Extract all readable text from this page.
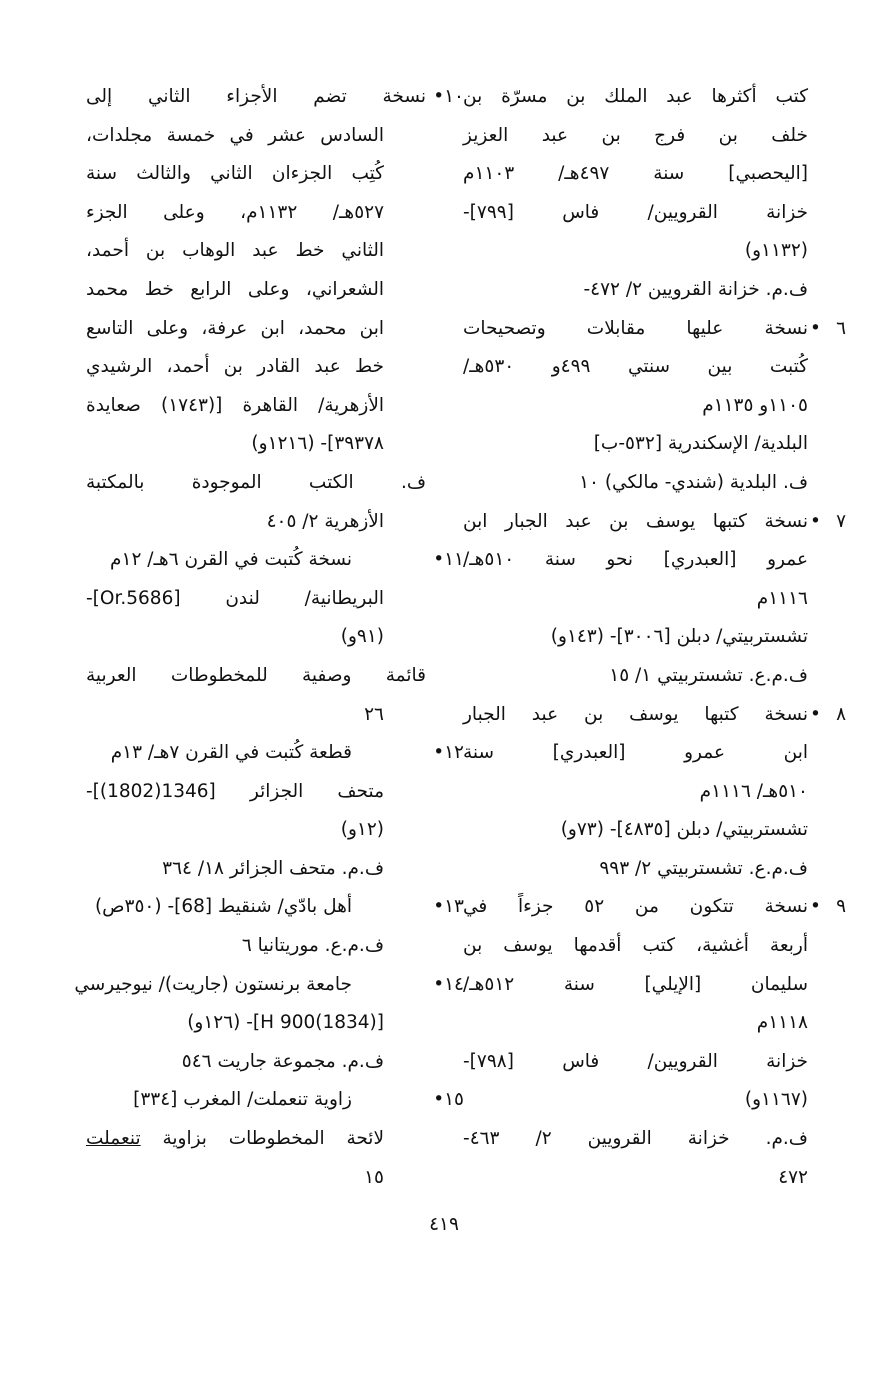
كتب أكثرها عبد الملك بن مسرّة بن
خلف بن فرج بن عبد العزيز
[اليحصبي] سنة ٤٩٧هـ/ ١١٠٣م
خزانة القرويين/ فاس [٧٩٩]-
(١١٣٢و)
ف.م. خزانة القرويين ٢/ ٤٧٢-
٦ •
نسخة عليها مقابلات وتصحيحات
كُتبت بين سنتي ٤٩٩و ٥٣٠هـ/
١١٠٥و ١١٣٥م
البلدية/ الإسكندرية [٥٣٢-ب]
ف. البلدية (شندي- مالكي) ١٠
٧ •
نسخة كتبها يوسف بن عبد الجبار ابن
عمرو [العبدري] نحو سنة ٥١٠هـ/
١١١٦م
تشستربيتي/ دبلن [٣٠٠٦]- (١٤٣و)
ف.م.ع. تشستربيتي ١/ ١٥
٨ •
نسخة كتبها يوسف بن عبد الجبار
ابن عمرو [العبدري] سنة
٥١٠هـ/ ١١١٦م
تشستربيتي/ دبلن [٤٨٣٥]- (٧٣و)
ف.م.ع. تشستربيتي ٢/ ٩٩٣
٩ •
نسخة تتكون من ٥٢ جزءاً في
أربعة أغشية، كتب أقدمها يوسف بن
سليمان [الإيلي] سنة ٥١٢هـ/
١١١٨م
خزانة القرويين/ فاس [٧٩٨]-
(١١٦٧و)
ف.م. خزانة القرويين ٢/ ٤٦٣-
٤٧٢
١٠•
نسخة تضم الأجزاء الثاني إلى
السادس عشر في خمسة مجلدات،
كُتِب الجزءان الثاني والثالث سنة
٥٢٧هـ/ ١١٣٢م، وعلى الجزء
الثاني خط عبد الوهاب بن أحمد،
الشعراني، وعلى الرابع خط محمد
ابن محمد، ابن عرفة، وعلى التاسع
خط عبد القادر بن أحمد، الرشيدي
الأزهرية/ القاهرة [(١٧٤٣) صعايدة
٣٩٣٧٨]- (١٢١٦و)
ف. الكتب الموجودة بالمكتبة
الأزهرية ٢/ ٤٠٥
١١•
نسخة كُتبت في القرن ٦هـ/ ١٢م
البريطانية/ لندن [Or.5686]-
(٩١و)
قائمة وصفية للمخطوطات العربية
٢٦
١٢•
قطعة كُتبت في القرن ٧هـ/ ١٣م
متحف الجزائر [1346(1802)]-
(١٢و)
ف.م. متحف الجزائر ١٨/ ٣٦٤
١٣•
أهل بادّي/ شنقيط [68]- (٣٥٠ص)
ف.م.ع. موريتانيا ٦
١٤•
جامعة برنستون (جاريت)/ نيوجيرسي
[H 900(1834)]- (١٢٦و)
ف.م. مجموعة جاريت ٥٤٦
١٥•
زاوية تنعملت/ المغرب [٣٣٤]
لائحة المخطوطات بزاوية تنعملت
١٥
٤١٩
